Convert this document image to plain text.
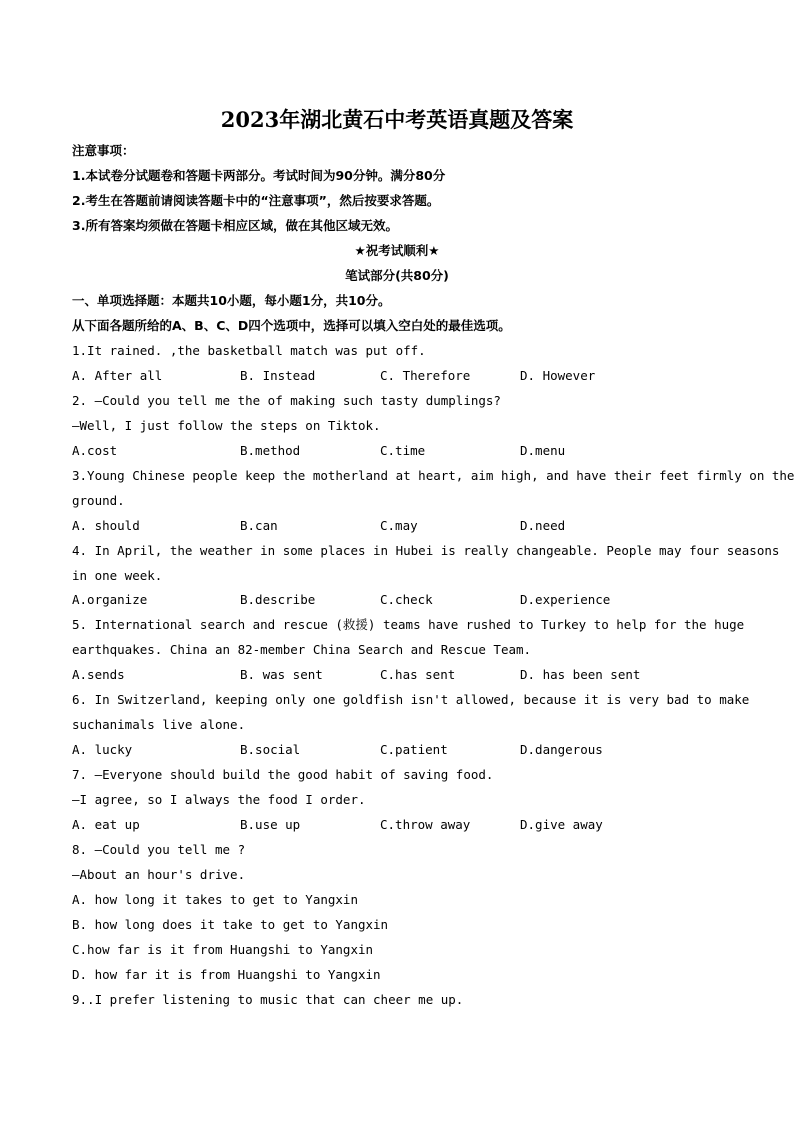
2023年湖北黄石中考英语真题及答案
注意事项：
1.本试卷分试题卷和答题卡两部分。考试时间为90分钟。满分80分
2.考生在答题前请阅读答题卡中的“注意事项”，然后按要求答题。
3.所有答案均须做在答题卡相应区域，做在其他区域无效。
★祝考试顺利★
笔试部分(共80分)
一、单项选择题：本题共10小题，每小题1分，共10分。
从下面各题所给的A、B、C、D四个选项中，选择可以填入空白处的最佳选项。
1.It rained. ,the basketball match was put off.
A. After all	B. Instead	C. Therefore	D. However
2. —Could you tell me the of making such tasty dumplings?
—Well, I just follow the steps on Tiktok.
A.cost	B.method	C.time	D.menu
3.Young Chinese people keep the motherland at heart, aim high, and have their feet firmly on the
ground.
A. should	B.can	C.may	D.need
4. In April, the weather in some places in Hubei is really changeable. People may four seasons
in one week.
A.organize	B.describe	C.check	D.experience
5. International search and rescue (救援) teams have rushed to Turkey to help for the huge
earthquakes. China an 82-member China Search and Rescue Team.
A.sends	B. was sent	C.has sent	D. has been sent
6. In Switzerland, keeping only one goldfish isn't allowed, because it is very bad to make
suchanimals live alone.
A. lucky	B.social	C.patient	D.dangerous
7. —Everyone should build the good habit of saving food.
—I agree, so I always the food I order.
A. eat up	B.use up	C.throw away	D.give away
8. —Could you tell me ?
—About an hour's drive.
A. how long it takes to get to Yangxin
B. how long does it take to get to Yangxin
C.how far is it from Huangshi to Yangxin
D. how far it is from Huangshi to Yangxin
9..I prefer listening to music that can cheer me up.
